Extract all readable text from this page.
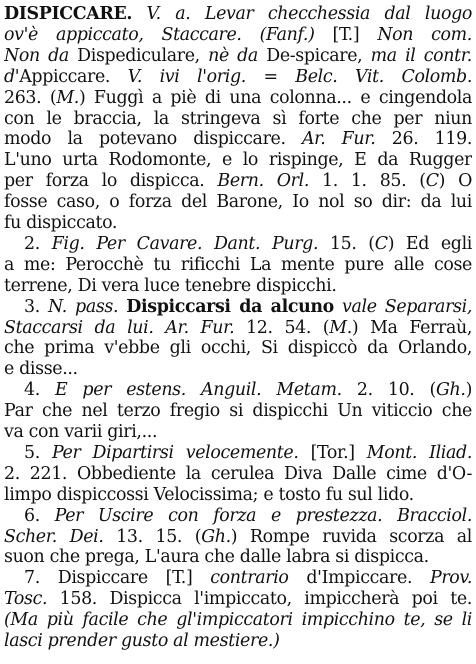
DISPICCARE. V. a. Levar checchessia dal luogo
ov'è appiccato, Staccare. (Fanf.) [T.] Non com.
Non da Dispediculare, nè da De-spicare, ma il contr.
d'Appiccare. V. ivi l'orig. = Belc. Vit. Colomb.
263. (M.) Fuggì a piè di una colonna... e cingendola
con le braccia, la stringeva sì forte che per niun
modo la potevano dispiccare. Ar. Fur. 26. 119.
L'uno urta Rodomonte, e lo rispinge, E da Rugger
per forza lo dispicca. Bern. Orl. 1. 1. 85. (C) O
fosse caso, o forza del Barone, Io nol so dir: da lui
fu dispiccato.
2. Fig. Per Cavare. Dant. Purg. 15. (C) Ed egli
a me: Perocchè tu rificchi La mente pure alle cose
terrene, Di vera luce tenebre dispicchi.
3. N. pass. Dispiccarsi da alcuno vale Separarsi,
Staccarsi da lui. Ar. Fur. 12. 54. (M.) Ma Ferraù,
che prima v'ebbe gli occhi, Si dispiccò da Orlando,
e disse...
4. E per estens. Anguil. Metam. 2. 10. (Gh.)
Par che nel terzo fregio si dispicchi Un viticcio che
va con varii giri,...
5. Per Dipartirsi velocemente. [Tor.] Mont. Iliad.
2. 221. Obbediente la cerulea Diva Dalle cime d'O-
limpo dispiccossi Velocissima; e tosto fu sul lido.
6. Per Uscire con forza e prestezza. Bracciol.
Scher. Dei. 13. 15. (Gh.) Rompe ruvida scorza al
suon che prega, L'aura che dalle labra si dispicca.
7. Dispiccare [T.] contrario d'Impiccare. Prov.
Tosc. 158. Dispicca l'impiccato, impiccherà poi te.
(Ma più facile che gl'impiccatori impicchino te, se li
lasci prender gusto al mestiere.)
